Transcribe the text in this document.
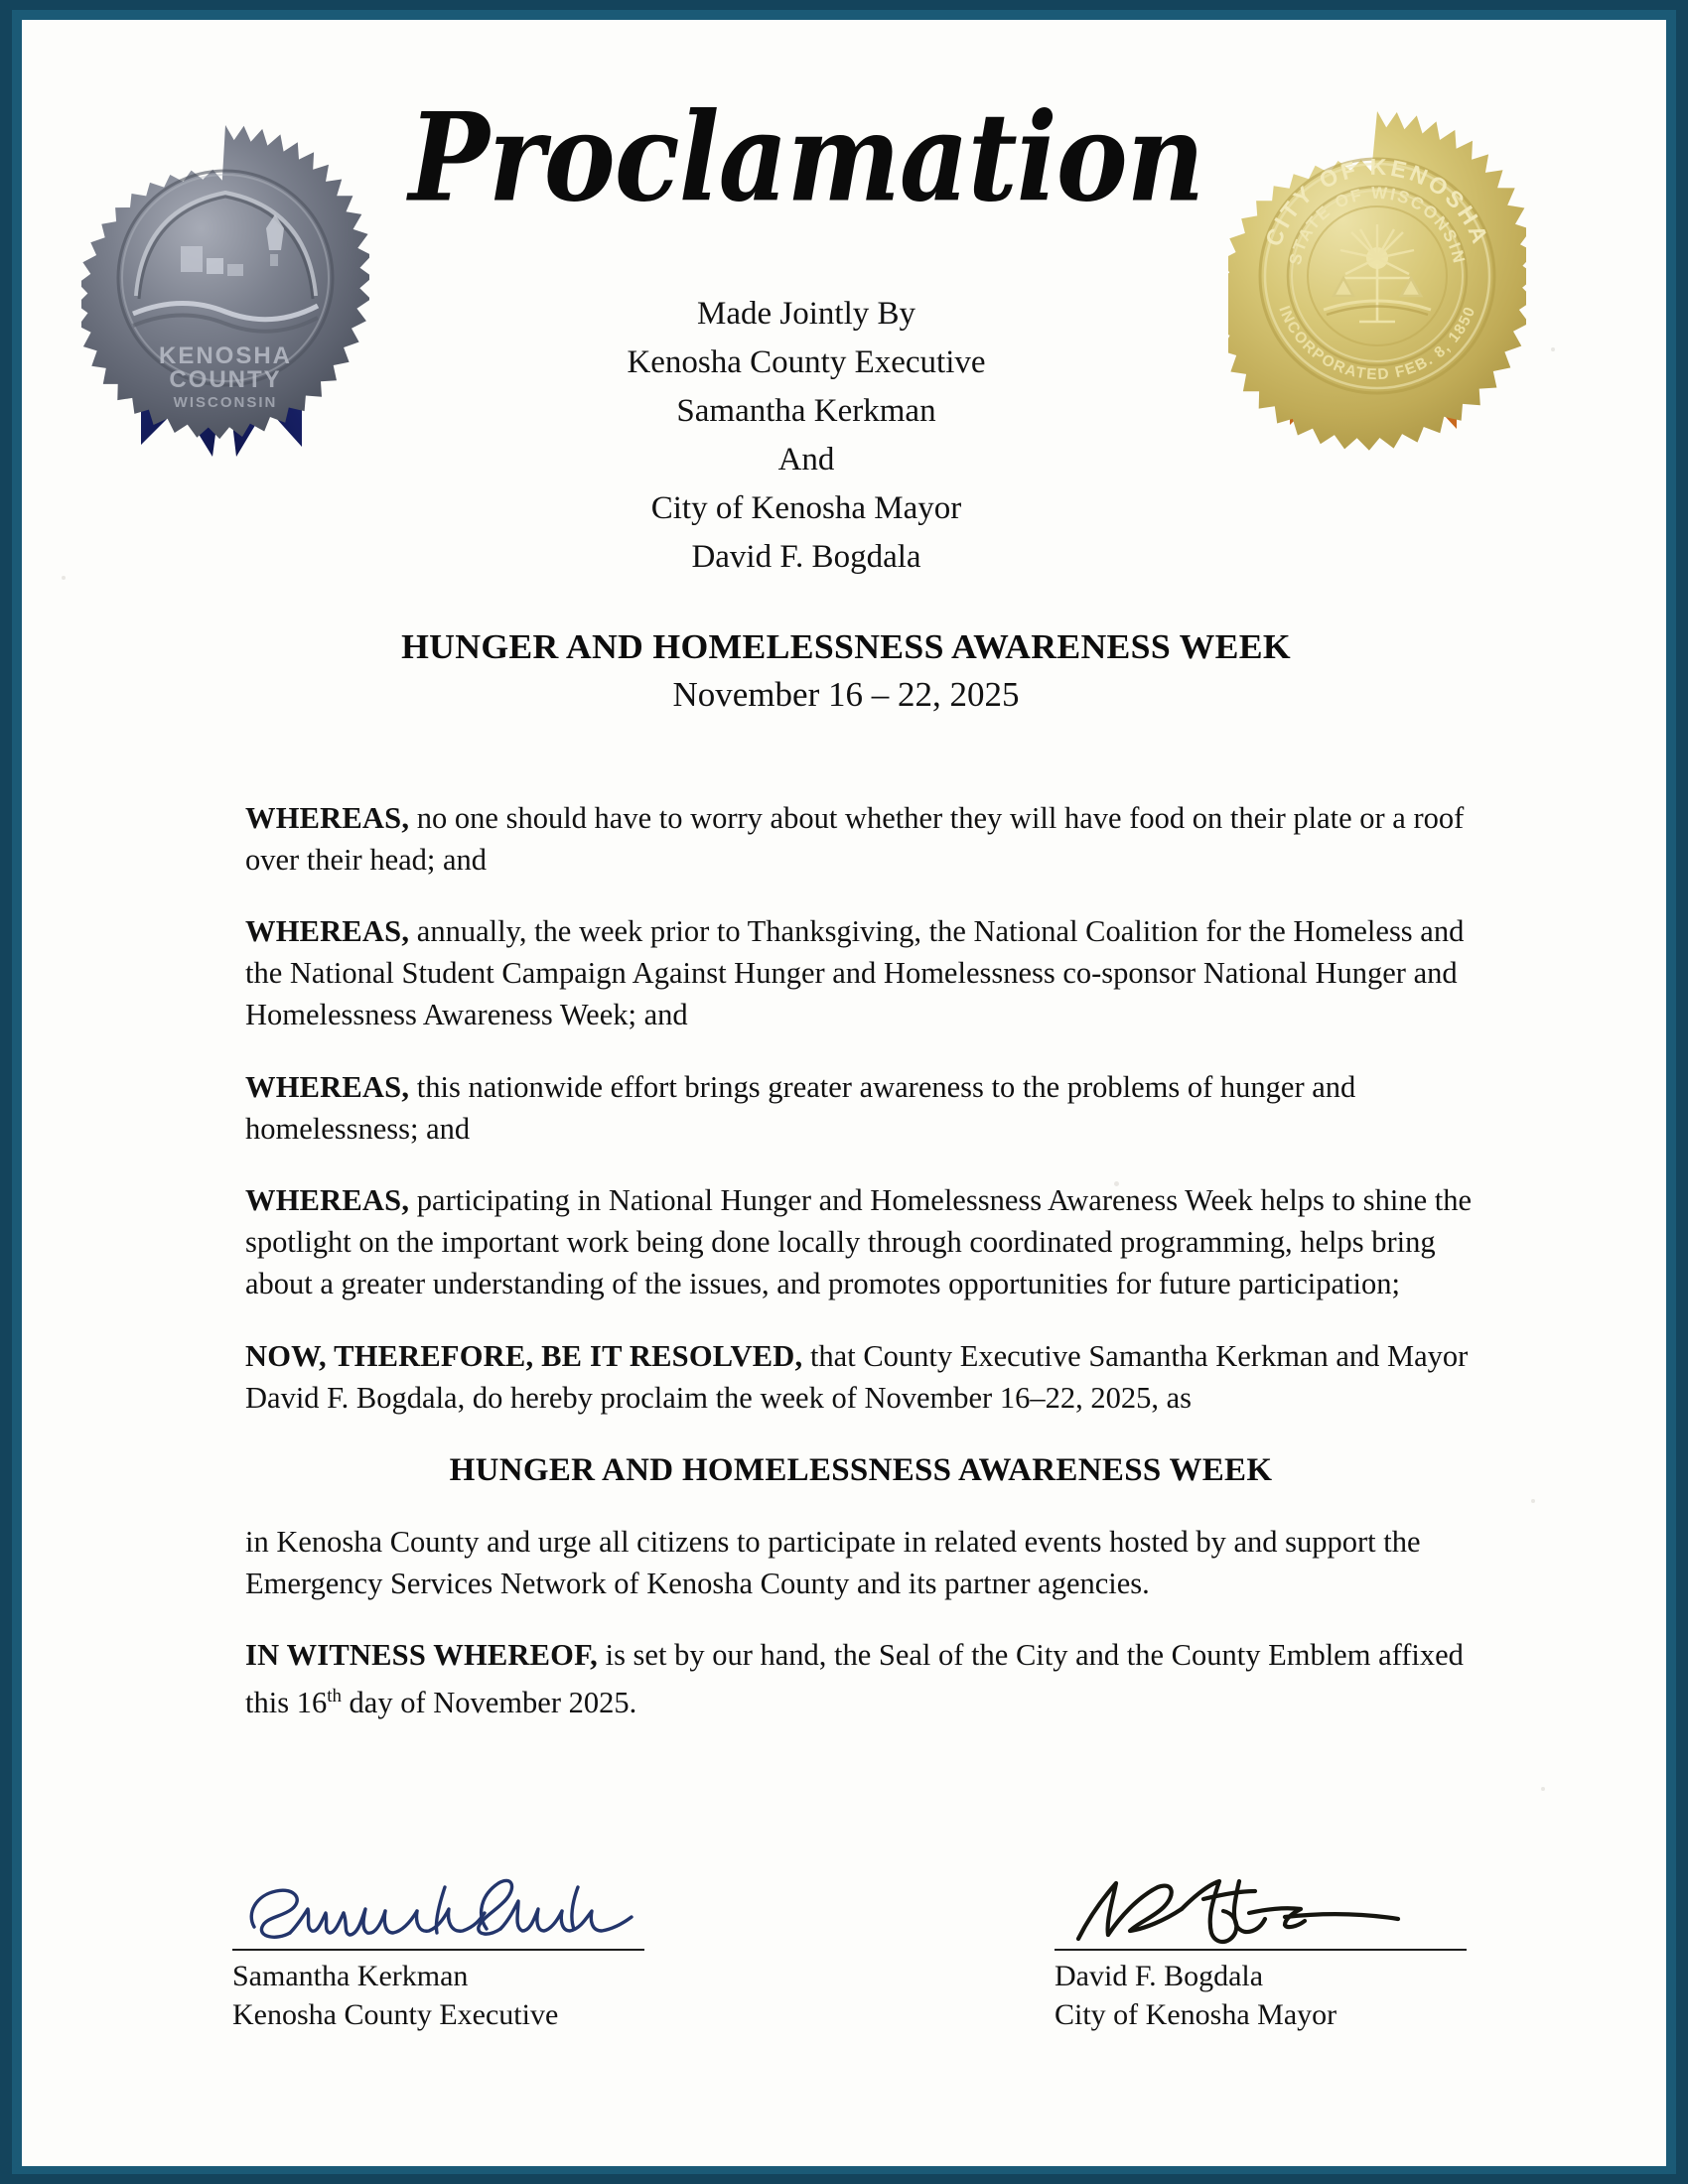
KENOSHA
COUNTY
WISCONSIN
CITY OF KENOSHA
STATE OF WISCONSIN
INCORPORATED FEB. 8, 1850
Proclamation
Made Jointly By
Kenosha County Executive
Samantha Kerkman
And
City of Kenosha Mayor
David F. Bogdala
HUNGER AND HOMELESSNESS AWARENESS WEEK
November 16 – 22, 2025

WHEREAS, no one should have to worry about whether they will have food on their plate or a roof over their head; and

WHEREAS, annually, the week prior to Thanksgiving, the National Coalition for the Homeless and the National Student Campaign Against Hunger and Homelessness co-sponsor National Hunger and Homelessness Awareness Week; and

WHEREAS, this nationwide effort brings greater awareness to the problems of hunger and homelessness; and

WHEREAS, participating in National Hunger and Homelessness Awareness Week helps to shine the spotlight on the important work being done locally through coordinated programming, helps bring about a greater understanding of the issues, and promotes opportunities for future participation;

NOW, THEREFORE, BE IT RESOLVED, that County Executive Samantha Kerkman and Mayor David F. Bogdala, do hereby proclaim the week of November 16–22, 2025, as

HUNGER AND HOMELESSNESS AWARENESS WEEK

in Kenosha County and urge all citizens to participate in related events hosted by and support the Emergency Services Network of Kenosha County and its partner agencies.

IN WITNESS WHEREOF, is set by our hand, the Seal of the City and the County Emblem affixed this 16th day of November 2025.

Samantha Kerkman
Kenosha County Executive
David F. Bogdala
City of Kenosha Mayor
